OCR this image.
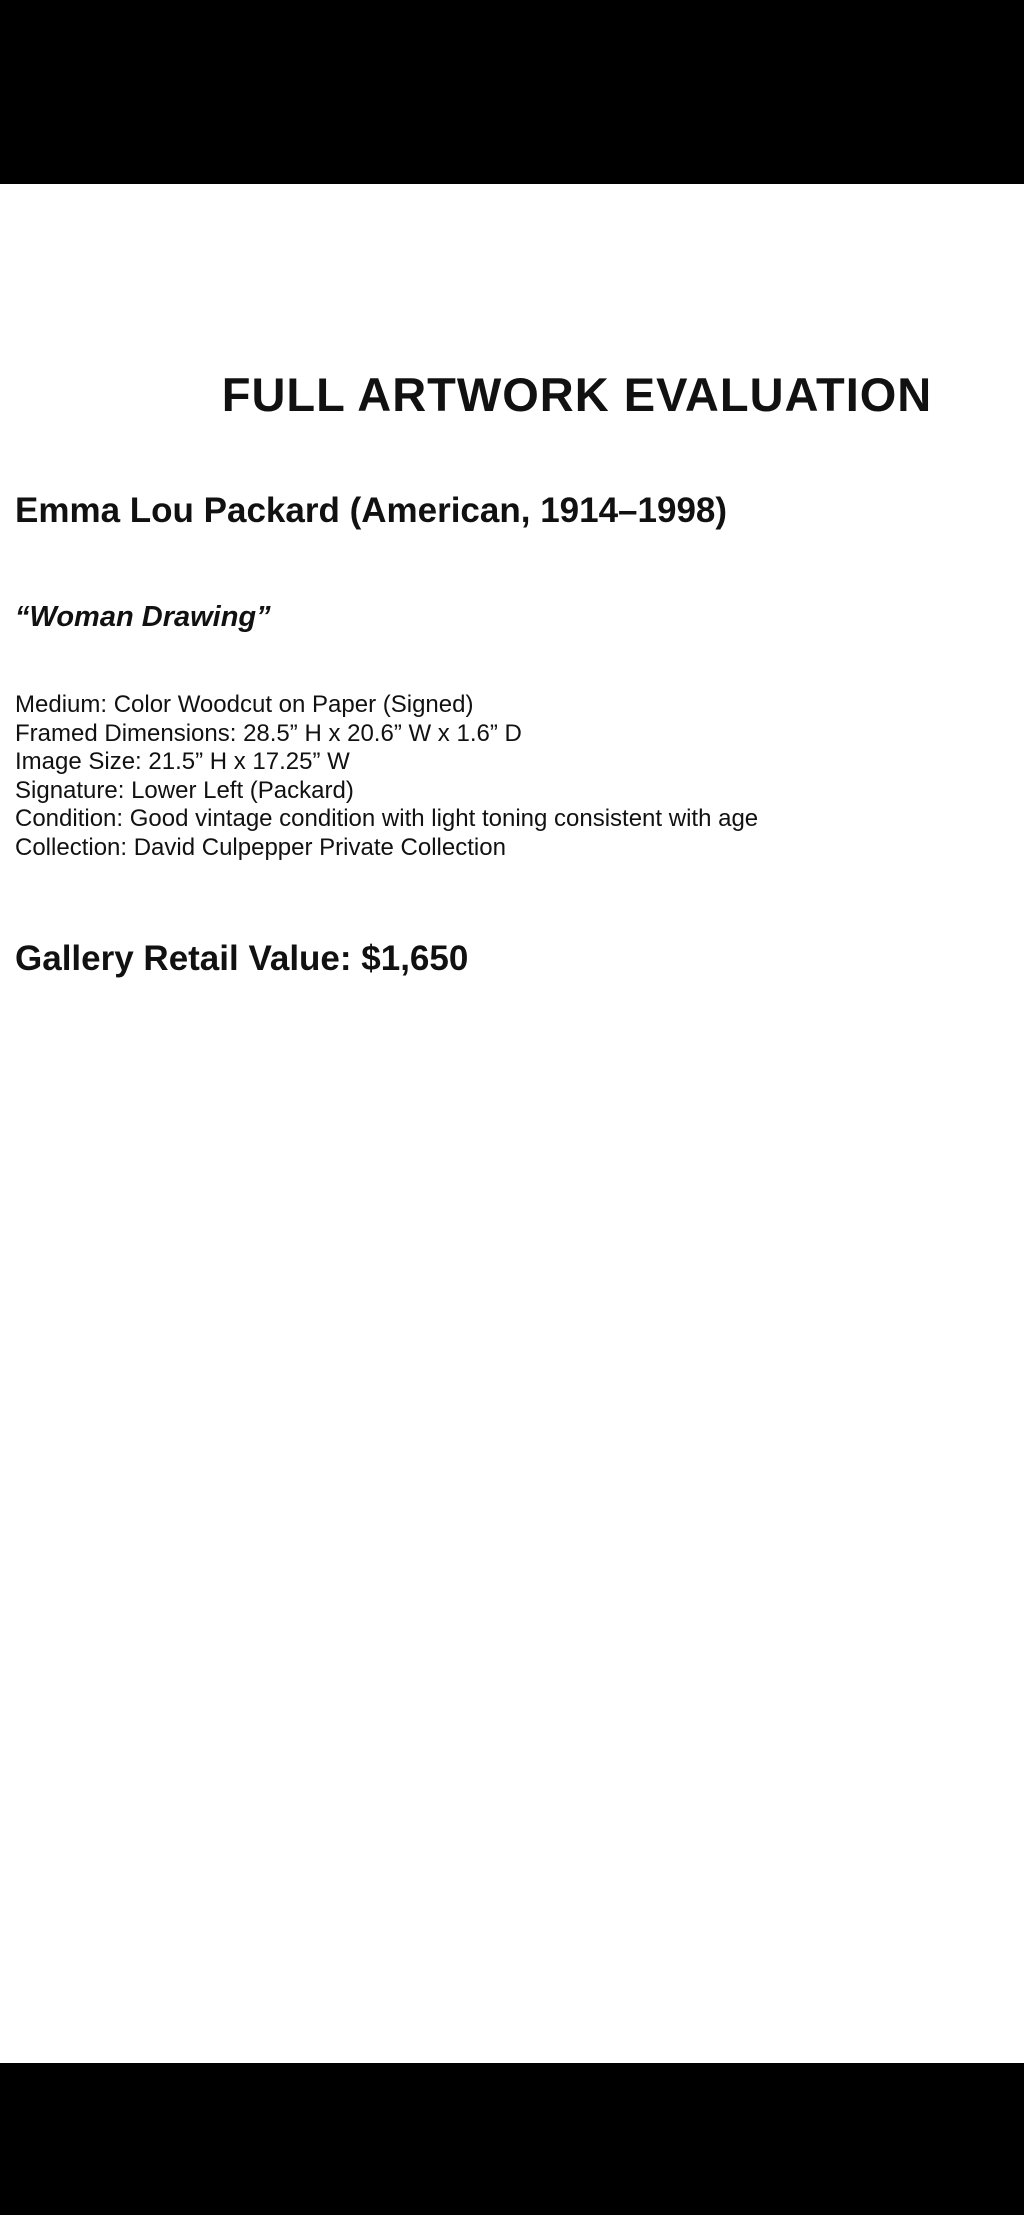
FULL ARTWORK EVALUATION
Emma Lou Packard (American, 1914–1998)
“Woman Drawing”
Medium: Color Woodcut on Paper (Signed)
Framed Dimensions: 28.5” H x 20.6” W x 1.6” D
Image Size: 21.5” H x 17.25” W
Signature: Lower Left (Packard)
Condition: Good vintage condition with light toning consistent with age
Collection: David Culpepper Private Collection
Gallery Retail Value: $1,650
